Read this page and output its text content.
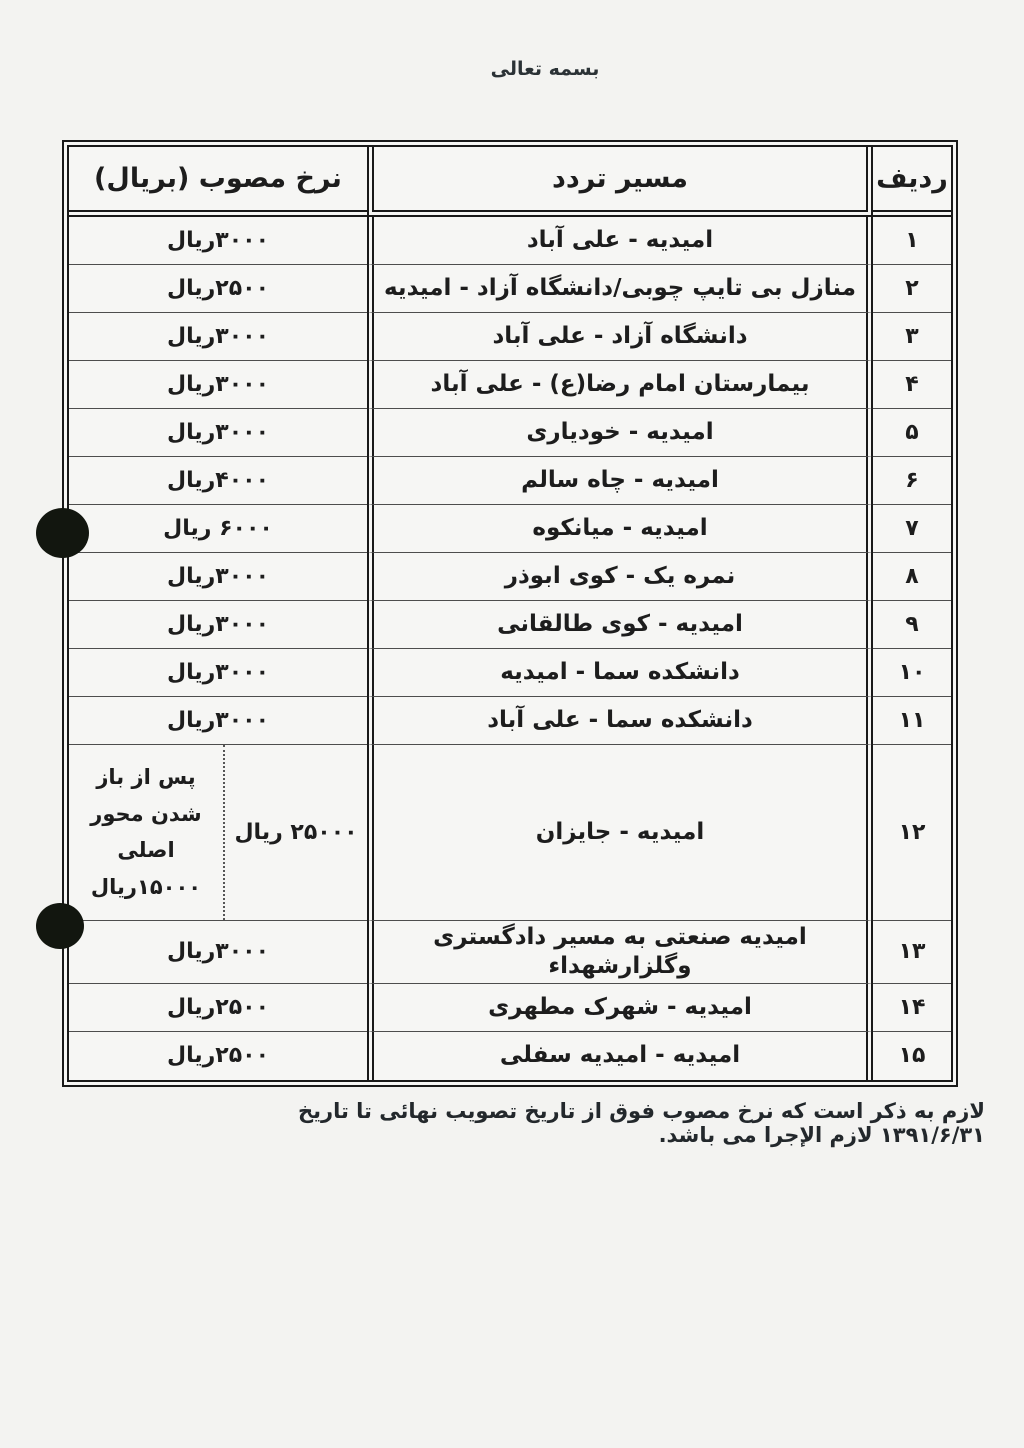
بسمه تعالی
ردیف
مسیر تردد
نرخ مصوب (بریال)
۱
امیدیه - علی آباد
۳۰۰۰ریال
۲
منازل بی تایپ چوبی/دانشگاه آزاد - امیدیه
۲۵۰۰ریال
۳
دانشگاه آزاد - علی آباد
۳۰۰۰ریال
۴
بیمارستان امام رضا(ع) - علی آباد
۳۰۰۰ریال
۵
امیدیه - خودیاری
۳۰۰۰ریال
۶
امیدیه - چاه سالم
۴۰۰۰ریال
۷
امیدیه - میانکوه
۶۰۰۰ ریال
۸
نمره یک - کوی ابوذر
۳۰۰۰ریال
۹
امیدیه - کوی طالقانی
۳۰۰۰ریال
۱۰
دانشکده سما - امیدیه
۳۰۰۰ریال
۱۱
دانشکده سما - علی آباد
۳۰۰۰ریال
۱۲
امیدیه - جایزان
۲۵۰۰۰ ریال
پس از باز
شدن محور
اصلی
۱۵۰۰۰ریال
۱۳
امیدیه صنعتی به مسیر دادگستری وگلزارشهداء
۳۰۰۰ریال
۱۴
امیدیه - شهرک مطهری
۲۵۰۰ریال
۱۵
امیدیه - امیدیه سفلی
۲۵۰۰ریال
لازم به ذکر است که نرخ مصوب فوق از تاریخ تصویب نهائی تا تاریخ ۱۳۹۱/۶/۳۱ لازم الإجرا می باشد.
